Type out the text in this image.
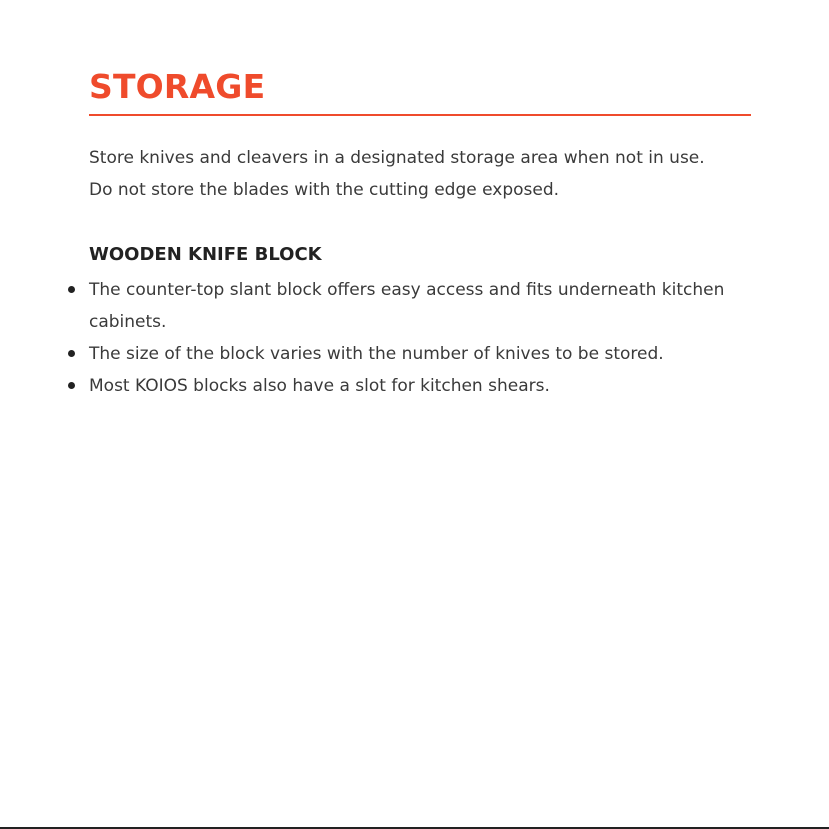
STORAGE

Store knives and cleavers in a designated storage area when not in use.
Do not store the blades with the cutting edge exposed.

WOODEN KNIFE BLOCK
The counter-top slant block offers easy access and fits underneath kitchen cabinets.
The size of the block varies with the number of knives to be stored.
Most KOIOS blocks also have a slot for kitchen shears.
